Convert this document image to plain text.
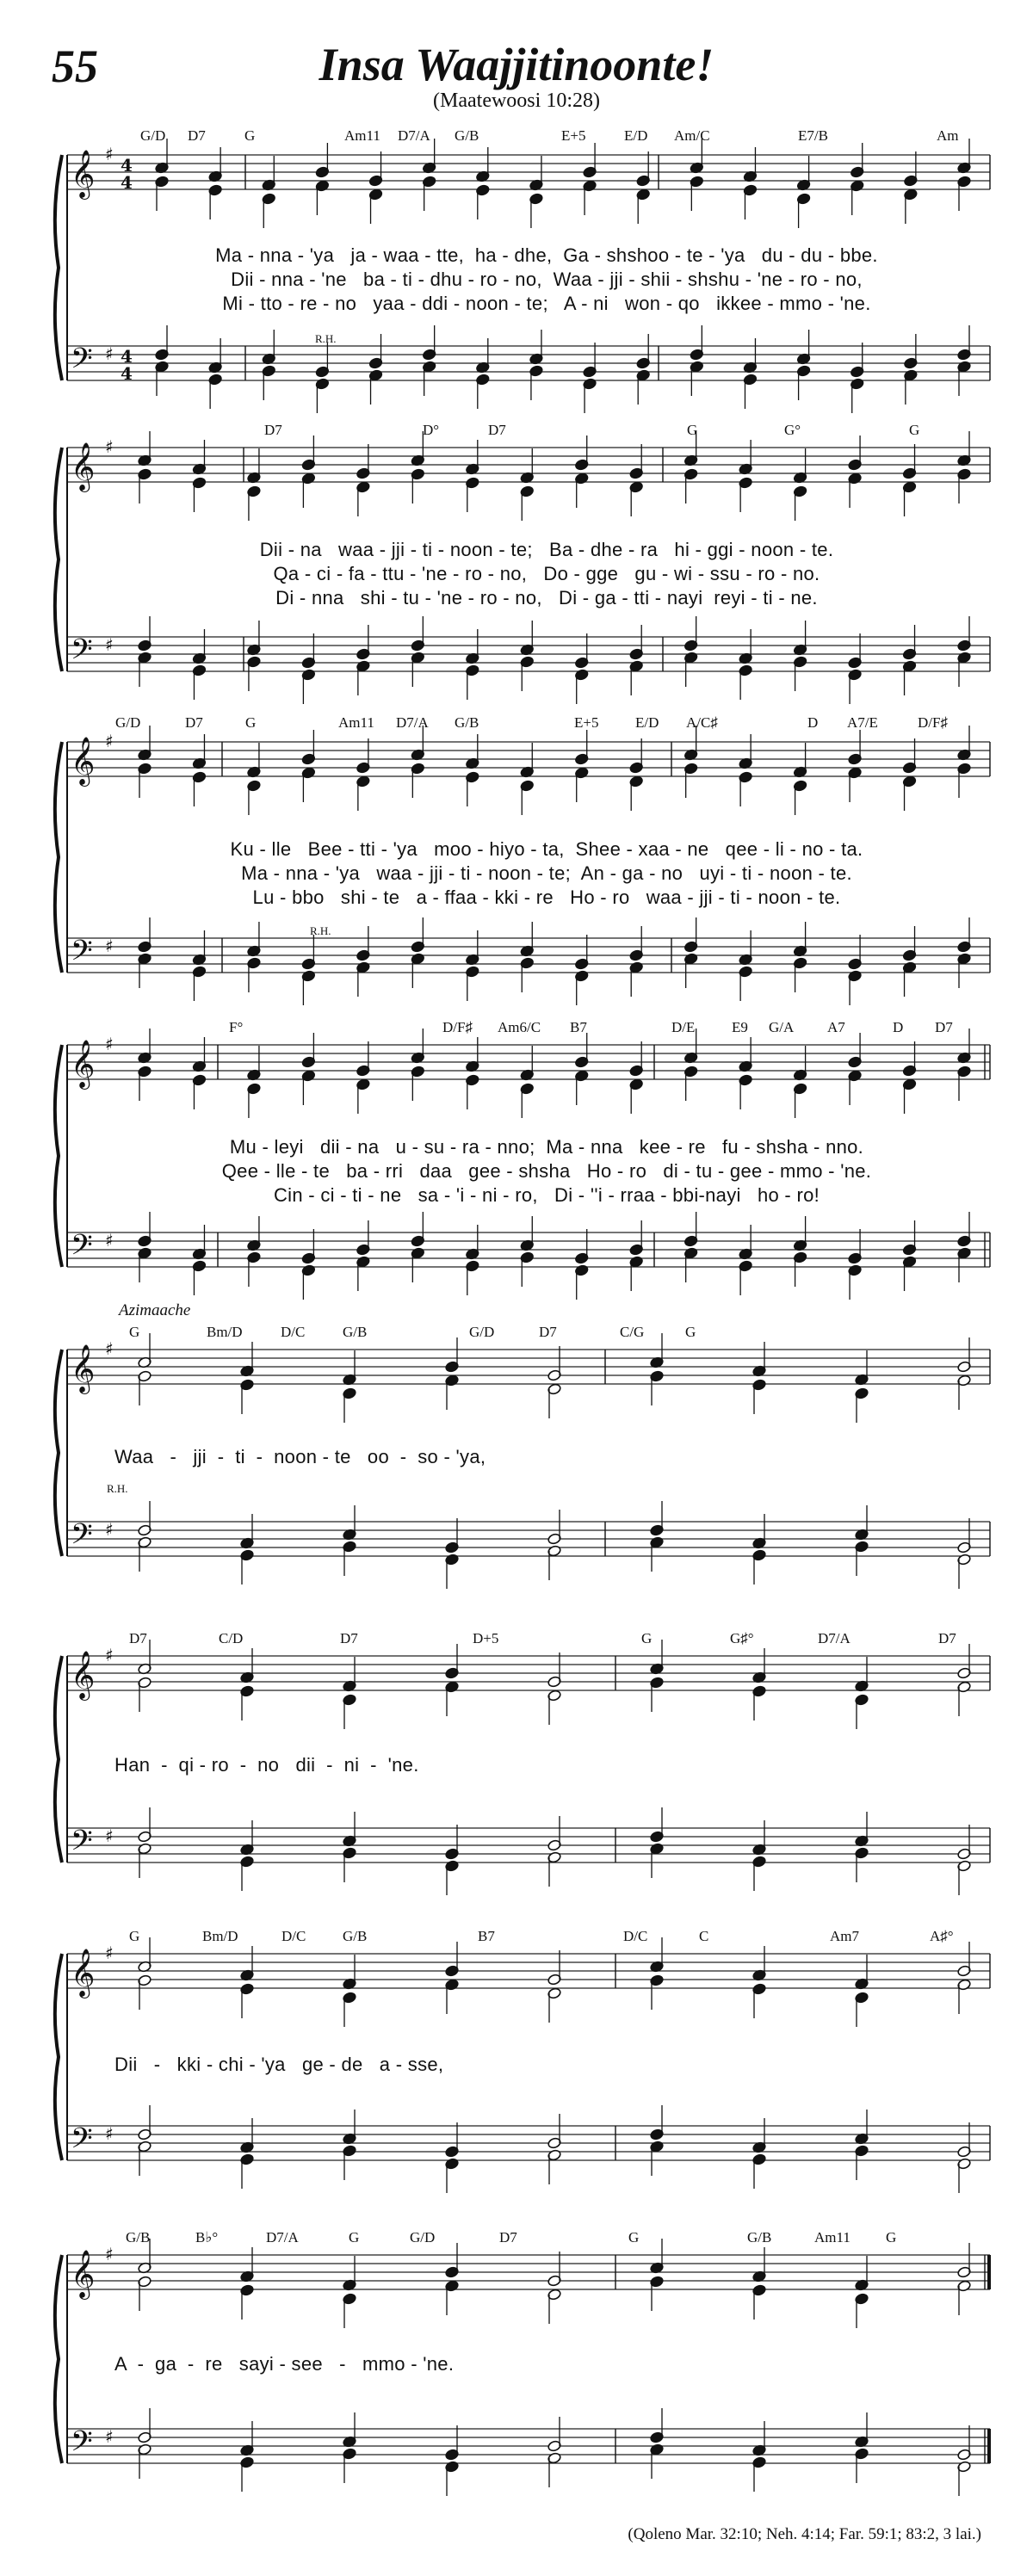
55	Insa Waajjitinoonte!
(Maatewoosi 10:28)
Azimaache
G/D D7	G	Am11 D7/A G/B	E+5	E/D Am/C	E7/B	Am
Ma - nna - 'ya   ja - waa - tte,  ha - dhe,  Ga - shshoo - te - 'ya   du - du - bbe.
Dii - nna - 'ne   ba - ti - dhu - ro - no,  Waa - jji - shii - shshu - 'ne - ro - no,
Mi - tto - re - no   yaa - ddi - noon - te;   A - ni   won - qo   ikkee - mmo - 'ne.
R.H.
D7	D°	D7	G	G°	G
Dii - na   waa - jji - ti - noon - te;   Ba - dhe - ra   hi - ggi - noon - te.
Qa - ci - fa - ttu - 'ne - ro - no,   Do - gge   gu - wi - ssu - ro - no.
Di - nna   shi - tu - 'ne - ro - no,   Di - ga - tti - nayi  reyi - ti - ne.
G/D	D7	G	Am11 D7/A G/B	E+5	E/D A/C♯	D A7/E	D/F♯
Ku - lle   Bee - tti - 'ya   moo - hiyo - ta,  Shee - xaa - ne   qee - li - no - ta.
Ma - nna - 'ya   waa - jji - ti - noon - te;  An - ga - no   uyi - ti - noon - te.
Lu - bbo   shi - te   a - ffaa - kki - re   Ho - ro   waa - jji - ti - noon - te.
R.H.
F°	D/F♯ Am6/C B7	D/E	E9 G/A A7	D D7
Mu - leyi   dii - na   u - su - ra - nno;  Ma - nna   kee - re   fu - shsha - nno.
Qee - lle - te   ba - rri   daa   gee - shsha   Ho - ro   di - tu - gee - mmo - 'ne.
Cin - ci - ti - ne   sa - 'i - ni - ro,   Di - ''i - rraa - bbi-nayi   ho - ro!
G	Bm/D	D/C	G/B	G/D	D7	C/G	G
Waa   -   jji  -  ti  -  noon - te   oo  -  so - 'ya,
R.H.
D7	C/D	D7	D+5	G	G♯°	D7/A	D7
Han  -  qi - ro  -  no   dii  -  ni  -  'ne.
G	Bm/D	D/C	G/B	B7	D/C	C	Am7	A♯°
Dii   -   kki - chi - 'ya   ge - de   a - sse,
G/B	B♭°	D7/A	G	G/D	D7	G	G/B	Am11 G
A  -  ga  -  re   sayi - see   -   mmo - 'ne.
(Qoleno Mar. 32:10; Neh. 4:14; Far. 59:1; 83:2, 3 lai.)
𝄞
𝄢
♯
♯
4
4
4
4
𝄞
𝄢
♯
♯
𝄞
𝄢
♯
♯
𝄞
𝄢
♯
♯
𝄞
𝄢
♯
♯
𝄞
𝄢
♯
♯
𝄞
𝄢
♯
♯
𝄞
𝄢
♯
♯
